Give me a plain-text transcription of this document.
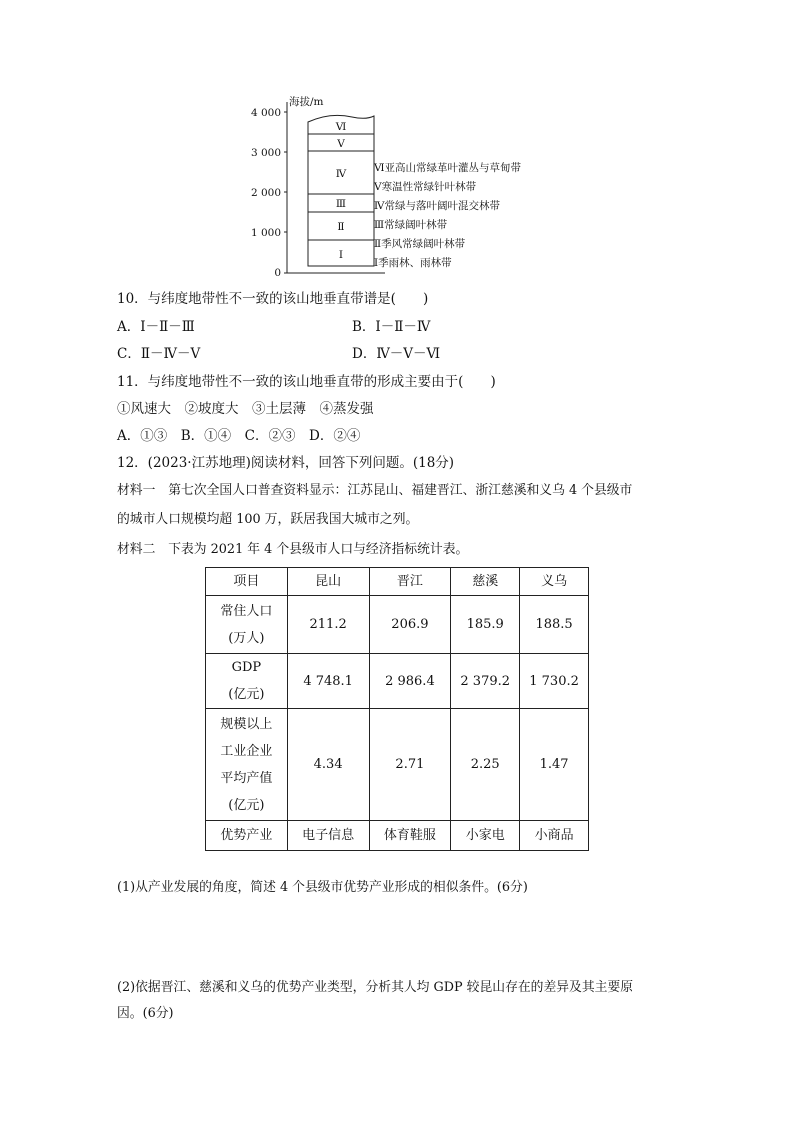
海拔/m
4 000
3 000
2 000
1 000
0
Ⅵ
Ⅴ
Ⅳ
Ⅲ
Ⅱ
Ⅰ
Ⅵ亚高山常绿革叶灌丛与草甸带
Ⅴ寒温性常绿针叶林带
Ⅳ常绿与落叶阔叶混交林带
Ⅲ常绿阔叶林带
Ⅱ季风常绿阔叶林带
Ⅰ季雨林、雨林带
10．与纬度地带性不一致的该山地垂直带谱是(　　)
A．Ⅰ－Ⅱ－Ⅲ	B．Ⅰ－Ⅱ－Ⅳ
C．Ⅱ－Ⅳ－Ⅴ	D．Ⅳ－Ⅴ－Ⅵ
11．与纬度地带性不一致的该山地垂直带的形成主要由于(　　)
①风速大　②坡度大　③土层薄　④蒸发强
A．①③　B．①④　C．②③　D．②④
12．(2023·江苏地理)阅读材料，回答下列问题。(18分)
材料一　第七次全国人口普查资料显示：江苏昆山、福建晋江、浙江慈溪和义乌 4 个县级市
的城市人口规模均超 100 万，跃居我国大城市之列。
材料二　下表为 2021 年 4 个县级市人口与经济指标统计表。
项目	昆山	晋江	慈溪	义乌

常住人口
(万人)	211.2	206.9	185.9	188.5

GDP
(亿元)	4 748.1	2 986.4	2 379.2	1 730.2

规模以上
工业企业
平均产值
(亿元)	4.34	2.71	2.25	1.47
优势产业	电子信息	体育鞋服	小家电	小商品
(1)从产业发展的角度，简述 4 个县级市优势产业形成的相似条件。(6分)
(2)依据晋江、慈溪和义乌的优势产业类型，分析其人均 GDP 较昆山存在的差异及其主要原
因。(6分)
